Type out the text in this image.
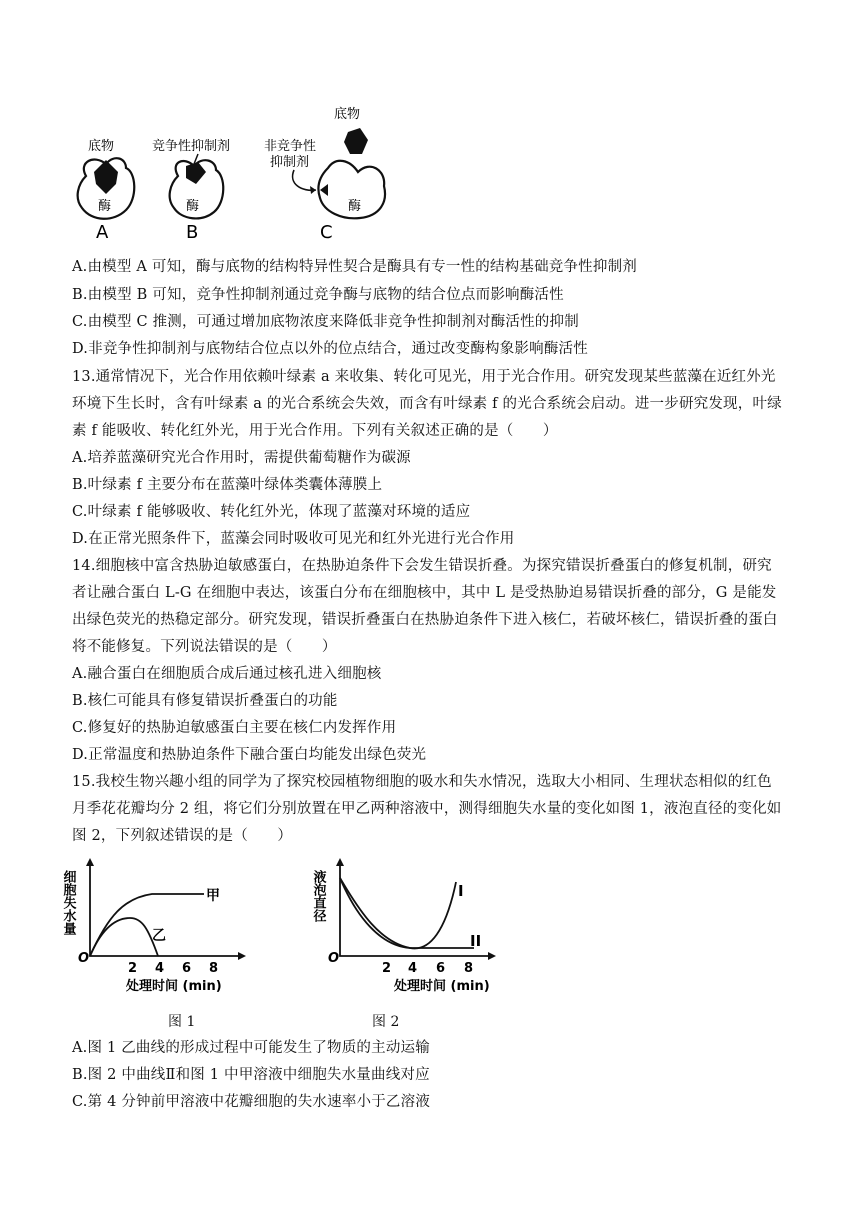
底物
酶
A
竞争性抑制剂
酶
B
底物
非竞争性
抑制剂
酶
C
A.由模型 A 可知，酶与底物的结构特异性契合是酶具有专一性的结构基础竞争性抑制剂
B.由模型 B 可知，竞争性抑制剂通过竞争酶与底物的结合位点而影响酶活性
C.由模型 C 推测，可通过增加底物浓度来降低非竞争性抑制剂对酶活性的抑制
D.非竞争性抑制剂与底物结合位点以外的位点结合，通过改变酶构象影响酶活性
13.通常情况下，光合作用依赖叶绿素 a 来收集、转化可见光，用于光合作用。研究发现某些蓝藻在近红外光
环境下生长时，含有叶绿素 a 的光合系统会失效，而含有叶绿素 f 的光合系统会启动。进一步研究发现，叶绿
素 f 能吸收、转化红外光，用于光合作用。下列有关叙述正确的是（　　）
A.培养蓝藻研究光合作用时，需提供葡萄糖作为碳源
B.叶绿素 f 主要分布在蓝藻叶绿体类囊体薄膜上
C.叶绿素 f 能够吸收、转化红外光，体现了蓝藻对环境的适应
D.在正常光照条件下，蓝藻会同时吸收可见光和红外光进行光合作用
14.细胞核中富含热胁迫敏感蛋白，在热胁迫条件下会发生错误折叠。为探究错误折叠蛋白的修复机制，研究
者让融合蛋白 L-G 在细胞中表达，该蛋白分布在细胞核中，其中 L 是受热胁迫易错误折叠的部分，G 是能发
出绿色荧光的热稳定部分。研究发现，错误折叠蛋白在热胁迫条件下进入核仁，若破坏核仁，错误折叠的蛋白
将不能修复。下列说法错误的是（　　）
A.融合蛋白在细胞质合成后通过核孔进入细胞核
B.核仁可能具有修复错误折叠蛋白的功能
C.修复好的热胁迫敏感蛋白主要在核仁内发挥作用
D.正常温度和热胁迫条件下融合蛋白均能发出绿色荧光
15.我校生物兴趣小组的同学为了探究校园植物细胞的吸水和失水情况，选取大小相同、生理状态相似的红色
月季花花瓣均分 2 组，将它们分别放置在甲乙两种溶液中，测得细胞失水量的变化如图 1，液泡直径的变化如
图 2，下列叙述错误的是（　　）
细胞失水量	甲
乙
O
2 4 6 8
处理时间 (min)
图 1
液泡直径	I
II
O
2 4 6 8
处理时间 (min)
图 2
A.图 1 乙曲线的形成过程中可能发生了物质的主动运输
B.图 2 中曲线Ⅱ和图 1 中甲溶液中细胞失水量曲线对应
C.第 4 分钟前甲溶液中花瓣细胞的失水速率小于乙溶液
